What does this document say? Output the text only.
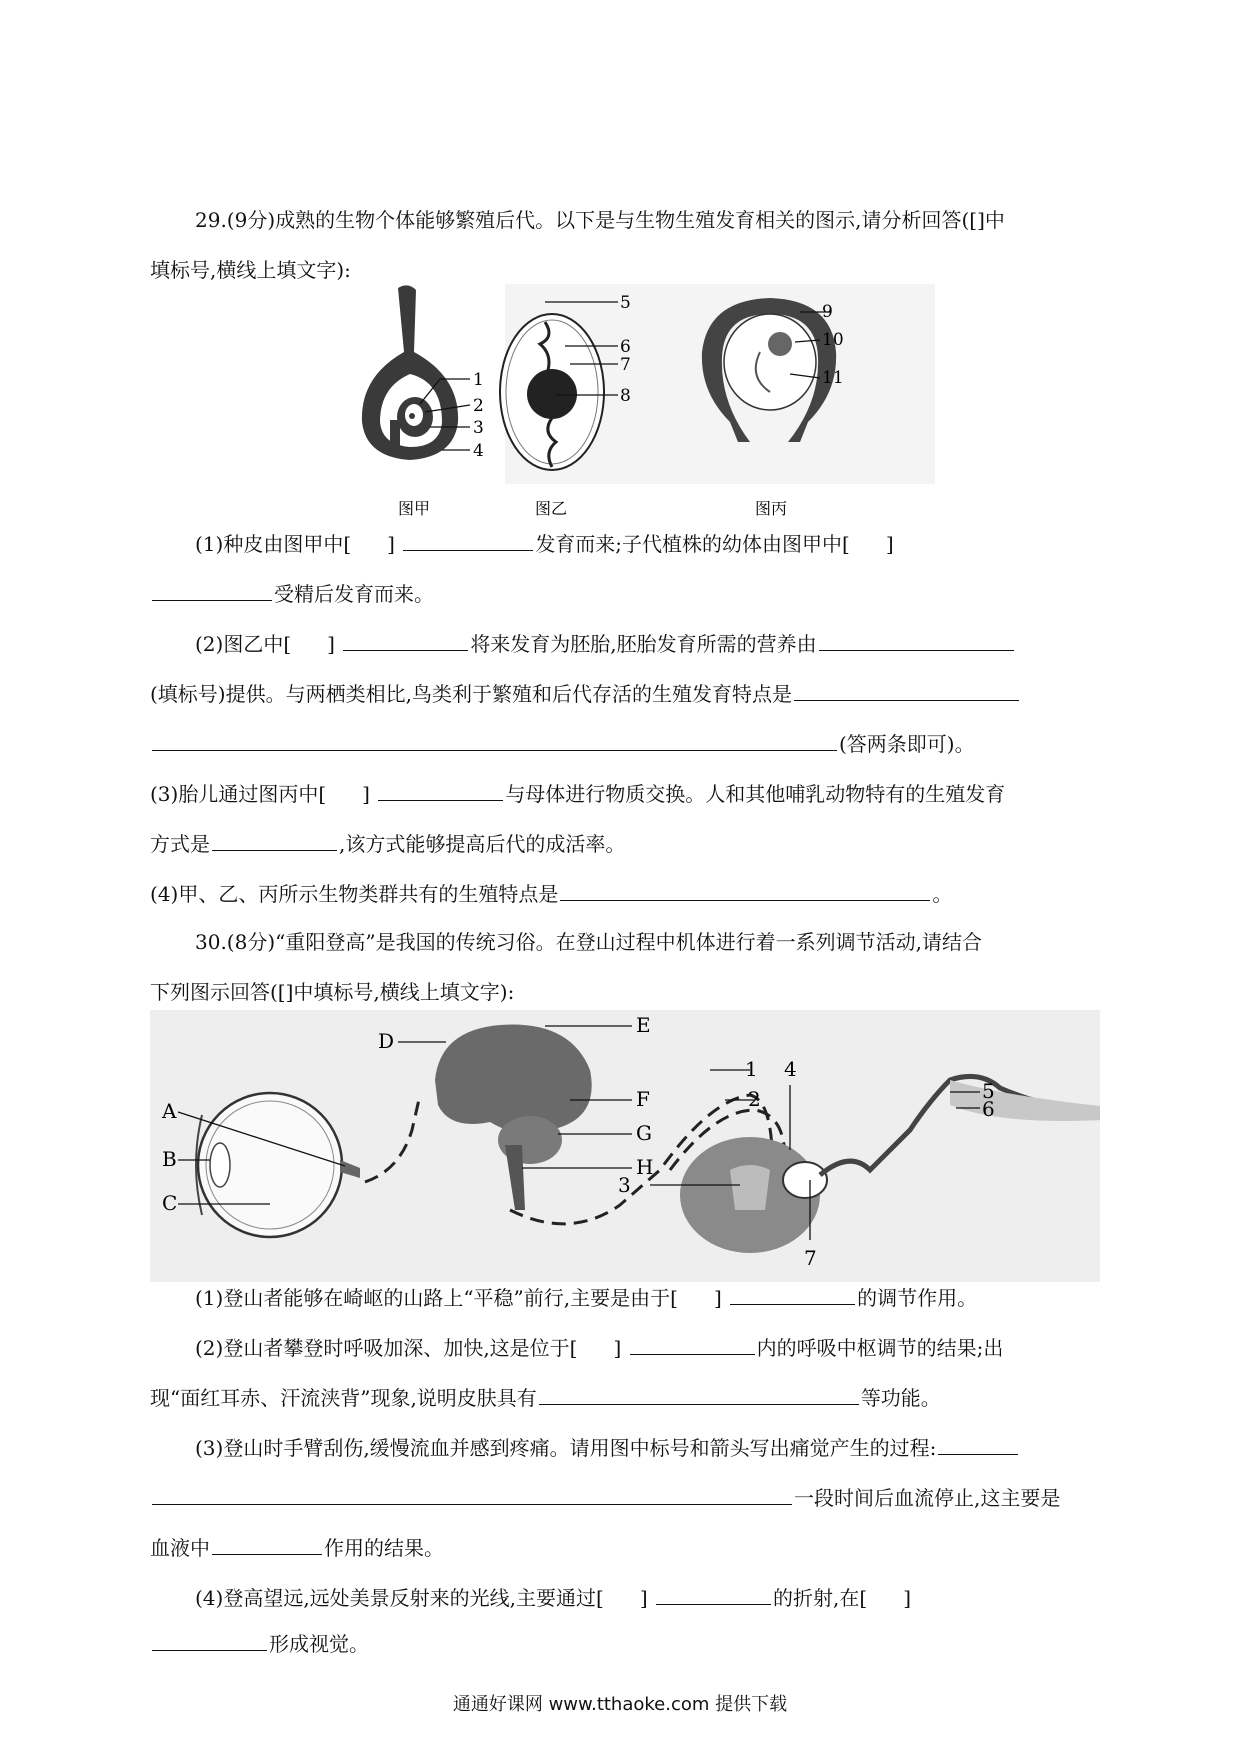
29.(9分)成熟的生物个体能够繁殖后代。以下是与生物生殖发育相关的图示,请分析回答([]中
填标号,横线上填文字):
1
2
3
4
图甲
5
6
7
8
图乙
9
10
11
图丙
(1)种皮由图甲中[ ]	发育而来;子代植株的幼体由图甲中[ ]
受精后发育而来。
(2)图乙中[ ]	将来发育为胚胎,胚胎发育所需的营养由
(填标号)提供。与两栖类相比,鸟类利于繁殖和后代存活的生殖发育特点是
(答两条即可)。
(3)胎儿通过图丙中[ ]	与母体进行物质交换。人和其他哺乳动物特有的生殖发育
方式是	,该方式能够提高后代的成活率。
(4)甲、乙、丙所示生物类群共有的生殖特点是	。
30.(8分)“重阳登高”是我国的传统习俗。在登山过程中机体进行着一系列调节活动,请结合
下列图示回答([]中填标号,横线上填文字):
A
B
C
D
E
F
G
H
1
2
3
4
5
6
7
(1)登山者能够在崎岖的山路上“平稳”前行,主要是由于[ ]	的调节作用。
(2)登山者攀登时呼吸加深、加快,这是位于[ ]	内的呼吸中枢调节的结果;出
现“面红耳赤、汗流浃背”现象,说明皮肤具有	等功能。
(3)登山时手臂刮伤,缓慢流血并感到疼痛。请用图中标号和箭头写出痛觉产生的过程:
一段时间后血流停止,这主要是
血液中	作用的结果。
(4)登高望远,远处美景反射来的光线,主要通过[ ]	的折射,在[ ]
形成视觉。
通通好课网 www.tthaoke.com 提供下载
